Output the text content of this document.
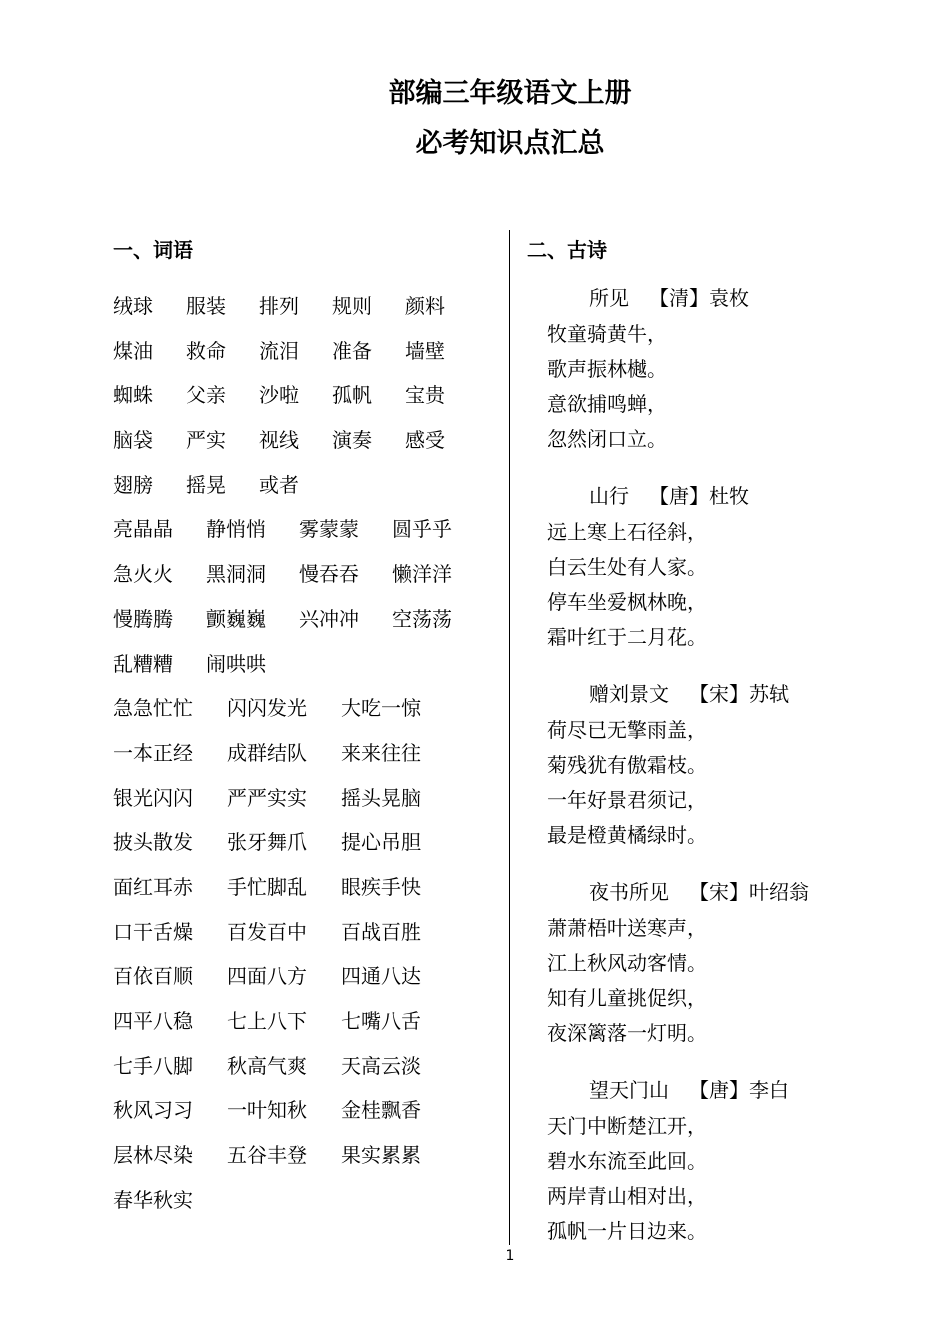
部编三年级语文上册
必考知识点汇总
一、词语	二、古诗
绒球 服装 排列 规则 颜料
煤油 救命 流泪 准备 墙壁
蜘蛛 父亲 沙啦 孤帆 宝贵
脑袋 严实 视线 演奏 感受
翅膀 摇晃 或者
亮晶晶 静悄悄 雾蒙蒙 圆乎乎
急火火 黑洞洞 慢吞吞 懒洋洋
慢腾腾 颤巍巍 兴冲冲 空荡荡
乱糟糟 闹哄哄
急急忙忙 闪闪发光 大吃一惊
一本正经 成群结队 来来往往
银光闪闪 严严实实 摇头晃脑
披头散发 张牙舞爪 提心吊胆
面红耳赤 手忙脚乱 眼疾手快
口干舌燥 百发百中 百战百胜
百依百顺 四面八方 四通八达
四平八稳 七上八下 七嘴八舌
七手八脚 秋高气爽 天高云淡
秋风习习 一叶知秋 金桂飘香
层林尽染 五谷丰登 果实累累
春华秋实
所见 【清】袁枚
牧童骑黄牛，
歌声振林樾。
意欲捕鸣蝉，
忽然闭口立。
山行 【唐】杜牧
远上寒上石径斜，
白云生处有人家。
停车坐爱枫林晚，
霜叶红于二月花。
赠刘景文 【宋】苏轼
荷尽已无擎雨盖，
菊残犹有傲霜枝。
一年好景君须记，
最是橙黄橘绿时。
夜书所见 【宋】叶绍翁
萧萧梧叶送寒声，
江上秋风动客情。
知有儿童挑促织，
夜深篱落一灯明。
望天门山 【唐】李白
天门中断楚江开，
碧水东流至此回。
两岸青山相对出，
孤帆一片日边来。
1
